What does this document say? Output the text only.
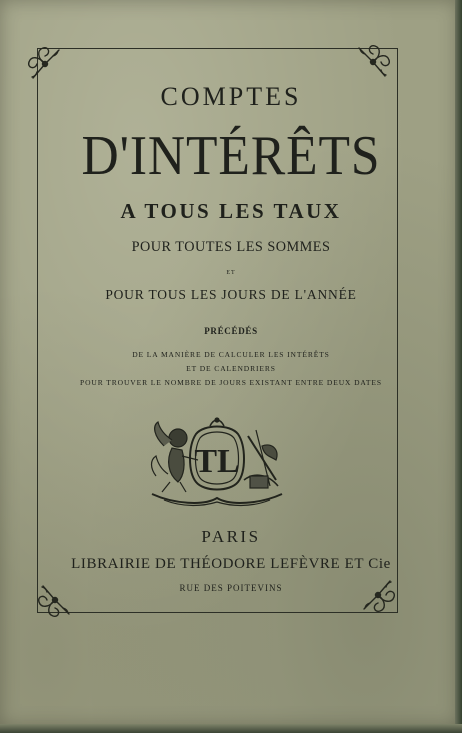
COMPTES
D'INTÉRÊTS
A TOUS LES TAUX
POUR TOUTES LES SOMMES
ET
POUR TOUS LES JOURS DE L'ANNÉE
PRÉCÉDÉS
DE LA MANIÈRE DE CALCULER LES INTÉRÊTS
ET DE CALENDRIERS
POUR TROUVER LE NOMBRE DE JOURS EXISTANT ENTRE DEUX DATES
TL
PARIS
LIBRAIRIE DE THÉODORE LEFÈVRE ET Cie
RUE DES POITEVINS
